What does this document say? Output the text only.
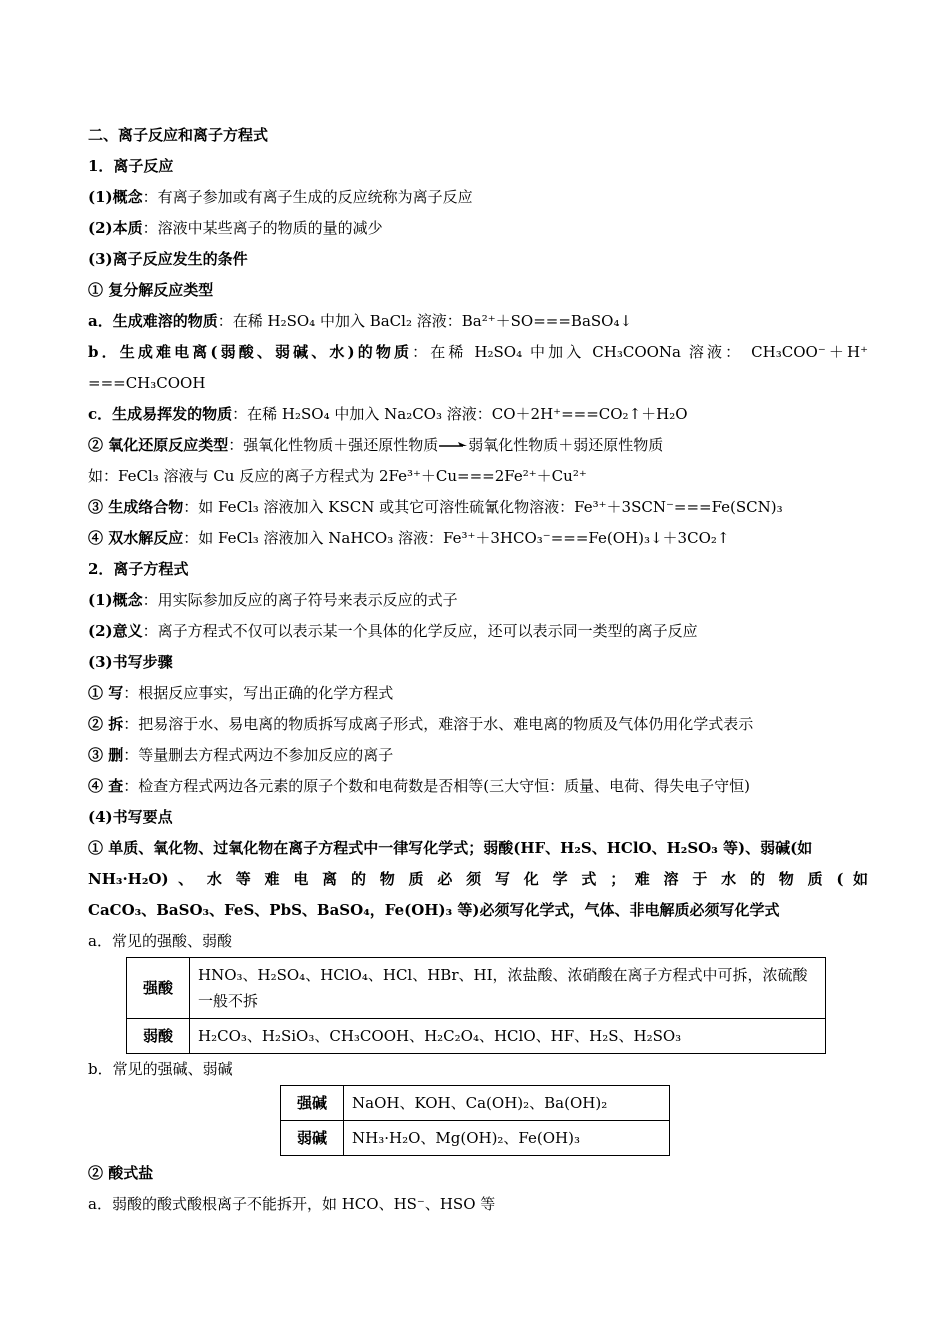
二、离子反应和离子方程式
1．离子反应
(1)概念：有离子参加或有离子生成的反应统称为离子反应
(2)本质：溶液中某些离子的物质的量的减少
(3)离子反应发生的条件
① 复分解反应类型
a．生成难溶的物质：在稀 H₂SO₄ 中加入 BaCl₂ 溶液：Ba²⁺＋SO===BaSO₄↓
b．生成难电离(弱酸、弱碱、水)的物质：在稀 H₂SO₄ 中加入 CH₃COONa 溶液： CH₃COO⁻＋H⁺
===CH₃COOH
c．生成易挥发的物质：在稀 H₂SO₄ 中加入 Na₂CO₃ 溶液：CO＋2H⁺===CO₂↑＋H₂O
② 氧化还原反应类型：强氧化性物质＋强还原性物质 弱氧化性物质＋弱还原性物质
如：FeCl₃ 溶液与 Cu 反应的离子方程式为 2Fe³⁺＋Cu===2Fe²⁺＋Cu²⁺
③ 生成络合物：如 FeCl₃ 溶液加入 KSCN 或其它可溶性硫氰化物溶液：Fe³⁺＋3SCN⁻===Fe(SCN)₃
④ 双水解反应：如 FeCl₃ 溶液加入 NaHCO₃ 溶液：Fe³⁺＋3HCO₃⁻===Fe(OH)₃↓＋3CO₂↑
2．离子方程式
(1)概念：用实际参加反应的离子符号来表示反应的式子
(2)意义：离子方程式不仅可以表示某一个具体的化学反应，还可以表示同一类型的离子反应
(3)书写步骤
① 写：根据反应事实，写出正确的化学方程式
② 拆：把易溶于水、易电离的物质拆写成离子形式，难溶于水、难电离的物质及气体仍用化学式表示
③ 删：等量删去方程式两边不参加反应的离子
④ 查：检查方程式两边各元素的原子个数和电荷数是否相等(三大守恒：质量、电荷、得失电子守恒)
(4)书写要点
① 单质、氧化物、过氧化物在离子方程式中一律写化学式；弱酸(HF、H₂S、HClO、H₂SO₃ 等)、弱碱(如
NH₃·H₂O) 、 水 等 难 电 离 的 物 质 必 须 写 化 学 式 ； 难 溶 于 水 的 物 质 ( 如
CaCO₃、BaSO₃、FeS、PbS、BaSO₄，Fe(OH)₃ 等)必须写化学式，气体、非电解质必须写化学式
a．常见的强酸、弱酸
强酸	HNO₃、H₂SO₄、HClO₄、HCl、HBr、HI，浓盐酸、浓硝酸在离子方程式中可拆，浓硫酸一般不拆
弱酸	H₂CO₃、H₂SiO₃、CH₃COOH、H₂C₂O₄、HClO、HF、H₂S、H₂SO₃
b．常见的强碱、弱碱
强碱	NaOH、KOH、Ca(OH)₂、Ba(OH)₂
弱碱	NH₃·H₂O、Mg(OH)₂、Fe(OH)₃
② 酸式盐
a．弱酸的酸式酸根离子不能拆开，如 HCO、HS⁻、HSO 等
